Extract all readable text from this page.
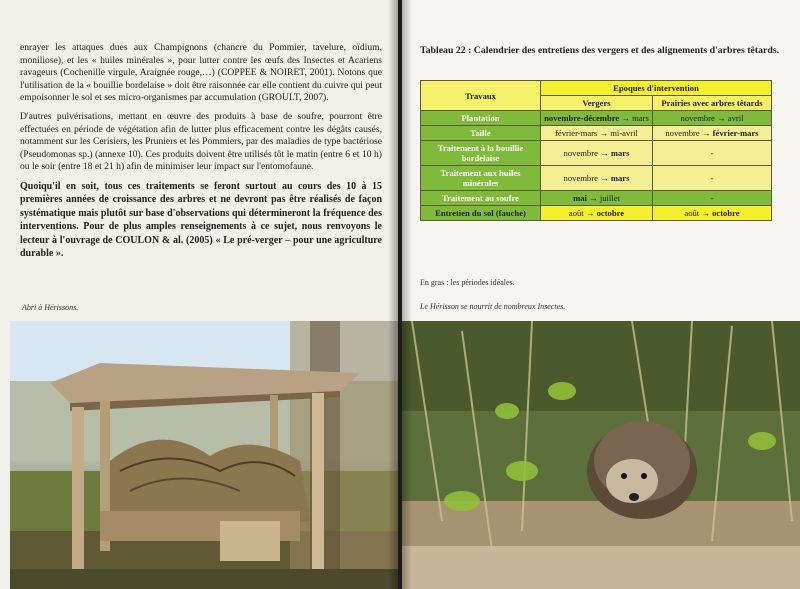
enrayer les attaques dues aux Champignons (chancre du Pommier, tavelure, oïdium, moniliose), et les « huiles minérales », pour lutter contre les œufs des Insectes et Acariens ravageurs (Cochenille virgule, Araignée rouge,…) (COPPEE & NOIRET, 2001). Notons que l'utilisation de la « bouillie bordelaise » doit être raisonnée car elle contient du cuivre qui peut empoisonner le sol et ses micro-organismes par accumulation (GROULT, 2007).

D'autres pulvérisations, mettant en œuvre des produits à base de soufre, pourront être effectuées en période de végétation afin de lutter plus efficacement contre les dégâts causés, notamment sur les Cerisiers, les Pruniers et les Pommiers, par des maladies de type bactériose (Pseudomonas sp.) (annexe 10). Ces produits doivent être utilisés tôt le matin (entre 6 et 10 h) ou le soir (entre 18 et 21 h) afin de minimiser leur impact sur l'entomofaune.

Quoiqu'il en soit, tous ces traitements se feront surtout au cours des 10 à 15 premières années de croissance des arbres et ne devront pas être réalisés de façon systématique mais plutôt sur base d'observations qui détermineront la fréquence des interventions. Pour de plus amples renseignements à ce sujet, nous renvoyons le lecteur à l'ouvrage de COULON & al. (2005) « Le pré-verger – pour une agriculture durable ».

Abri à Hérissons.
Tableau 22 : Calendrier des entretiens des vergers et des alignements d'arbres têtards.
Travaux	Epoques d'intervention	
	Vergers	Prairies avec arbres têtards
Plantation	novembre-décembre → mars	novembre → avril
Taille	février-mars → mi-avril	novembre → février-mars
Traitement à la bouillie bordelaise	novembre → mars	-
Traitement aux huiles minérales	novembre → mars	-
Traitement au soufre	mai → juillet	-
Entretien du sol (fauche)	août → octobre	août → octobre
En gras : les périodes idéales.
Le Hérisson se nourrit de nombreux Insectes.
